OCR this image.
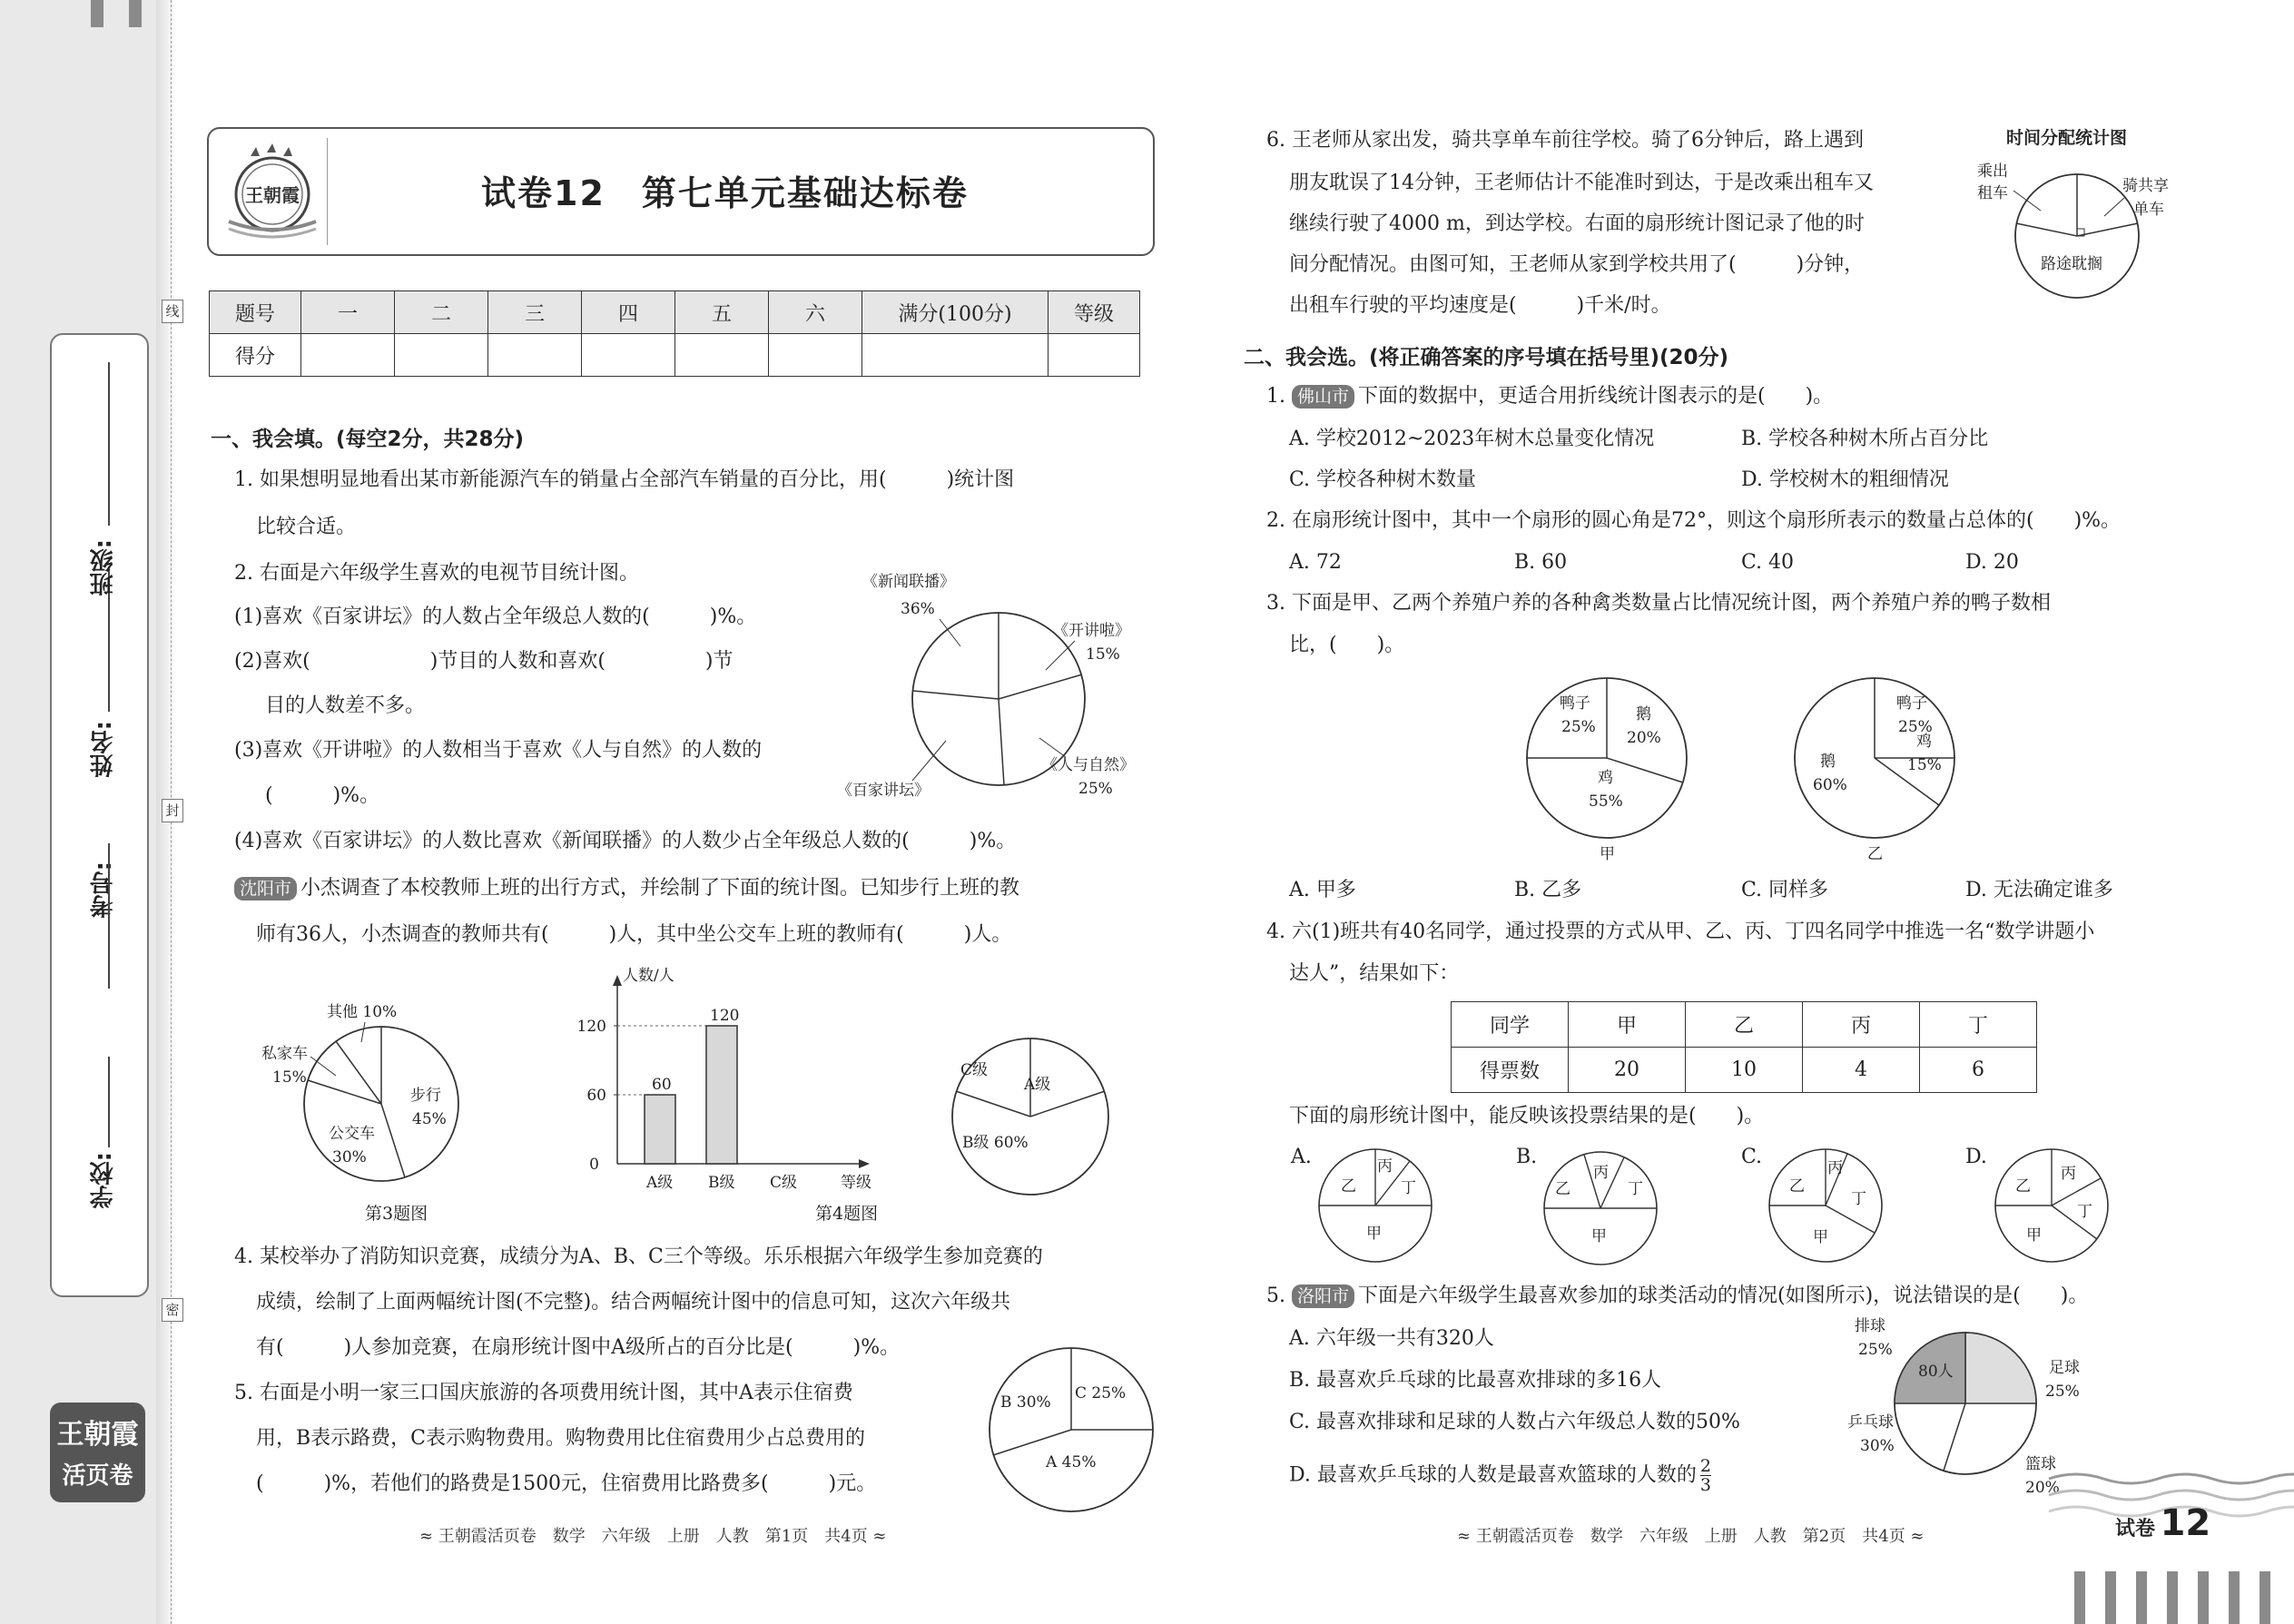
线
封
密
考号:
姓名:
班级:
学校:
王朝霞
活页卷
王朝霞	试卷12　第七单元基础达标卷
题号	一	二	三	四	五	六	满分(100分)	等级
得分								
一、我会填。(每空2分，共28分)
1. 如果想明显地看出某市新能源汽车的销量占全部汽车销量的百分比，用(　　　)统计图
比较合适。
2. 右面是六年级学生喜欢的电视节目统计图。
(1)喜欢《百家讲坛》的人数占全年级总人数的(　　　)%。
(2)喜欢(　　　　　　)节目的人数和喜欢(　　　　　)节
目的人数差不多。
(3)喜欢《开讲啦》的人数相当于喜欢《人与自然》的人数的
(　　　)%。
(4)喜欢《百家讲坛》的人数比喜欢《新闻联播》的人数少占全年级总人数的(　　　)%。
《新闻联播》
36%
《开讲啦》
15%
《人与自然》
25%
《百家讲坛》
沈阳市 小杰调查了本校教师上班的出行方式，并绘制了下面的统计图。已知步行上班的教
师有36人，小杰调查的教师共有(　　　)人，其中坐公交车上班的教师有(　　　)人。
其他 10%
私家车
15%
步行
45%
公交车
30%
第3题图
人数/人
等级
0
60
120
A级 B级 C级
60
120
第4题图
C级
A级
B级 60%
4. 某校举办了消防知识竞赛，成绩分为A、B、C三个等级。乐乐根据六年级学生参加竞赛的
成绩，绘制了上面两幅统计图(不完整)。结合两幅统计图中的信息可知，这次六年级共
有(　　　)人参加竞赛，在扇形统计图中A级所占的百分比是(　　　)%。
5. 右面是小明一家三口国庆旅游的各项费用统计图，其中A表示住宿费
用，B表示路费，C表示购物费用。购物费用比住宿费用少占总费用的
(　　　)%，若他们的路费是1500元，住宿费用比路费多(　　　)元。
B 30% C 25%
A 45%
≈ 王朝霞活页卷　数学　六年级　上册　人教　第1页　共4页 ≈
6. 王老师从家出发，骑共享单车前往学校。骑了6分钟后，路上遇到
朋友耽误了14分钟，王老师估计不能准时到达，于是改乘出租车又
继续行驶了4000 m，到达学校。右面的扇形统计图记录了他的时
间分配情况。由图可知，王老师从家到学校共用了(　　　)分钟，
出租车行驶的平均速度是(　　　)千米/时。
时间分配统计图
乘出
租车	骑共享
单车
路途耽搁
二、我会选。(将正确答案的序号填在括号里)(20分)
1. 佛山市 下面的数据中，更适合用折线统计图表示的是(　　)。
A. 学校2012~2023年树木总量变化情况	B. 学校各种树木所占百分比
C. 学校各种树木数量	D. 学校树木的粗细情况
2. 在扇形统计图中，其中一个扇形的圆心角是72°，则这个扇形所表示的数量占总体的(　　)%。
A. 72	B. 60	C. 40	D. 20
3. 下面是甲、乙两个养殖户养的各种禽类数量占比情况统计图，两个养殖户养的鸭子数相
比，(　　)。
鸭子
25%
鹅
20%
鸡
55%
甲
鸭子
25%
鸡
15%
鹅
60%
乙
A. 甲多	B. 乙多	C. 同样多	D. 无法确定谁多
4. 六(1)班共有40名同学，通过投票的方式从甲、乙、丙、丁四名同学中推选一名“数学讲题小
达人”，结果如下：
同学	甲	乙	丙	丁
得票数	20	10	4	6
下面的扇形统计图中，能反映该投票结果的是(　　)。
A.
乙
丙
丁
甲
B.
乙
丙
丁
甲
C.
乙
丙
丁
甲
D.
乙
丙
丁
甲
5. 洛阳市 下面是六年级学生最喜欢参加的球类活动的情况(如图所示)，说法错误的是(　　)。
A. 六年级一共有320人
B. 最喜欢乒乓球的比最喜欢排球的多16人
C. 最喜欢排球和足球的人数占六年级总人数的50%
D. 最喜欢乒乓球的人数是最喜欢篮球的人数的 $\frac{2}{3}$
80人
排球
25%
足球
25%
乒乓球
30%
篮球
20%
≈ 王朝霞活页卷　数学　六年级　上册　人教　第2页　共4页 ≈	试卷 12
